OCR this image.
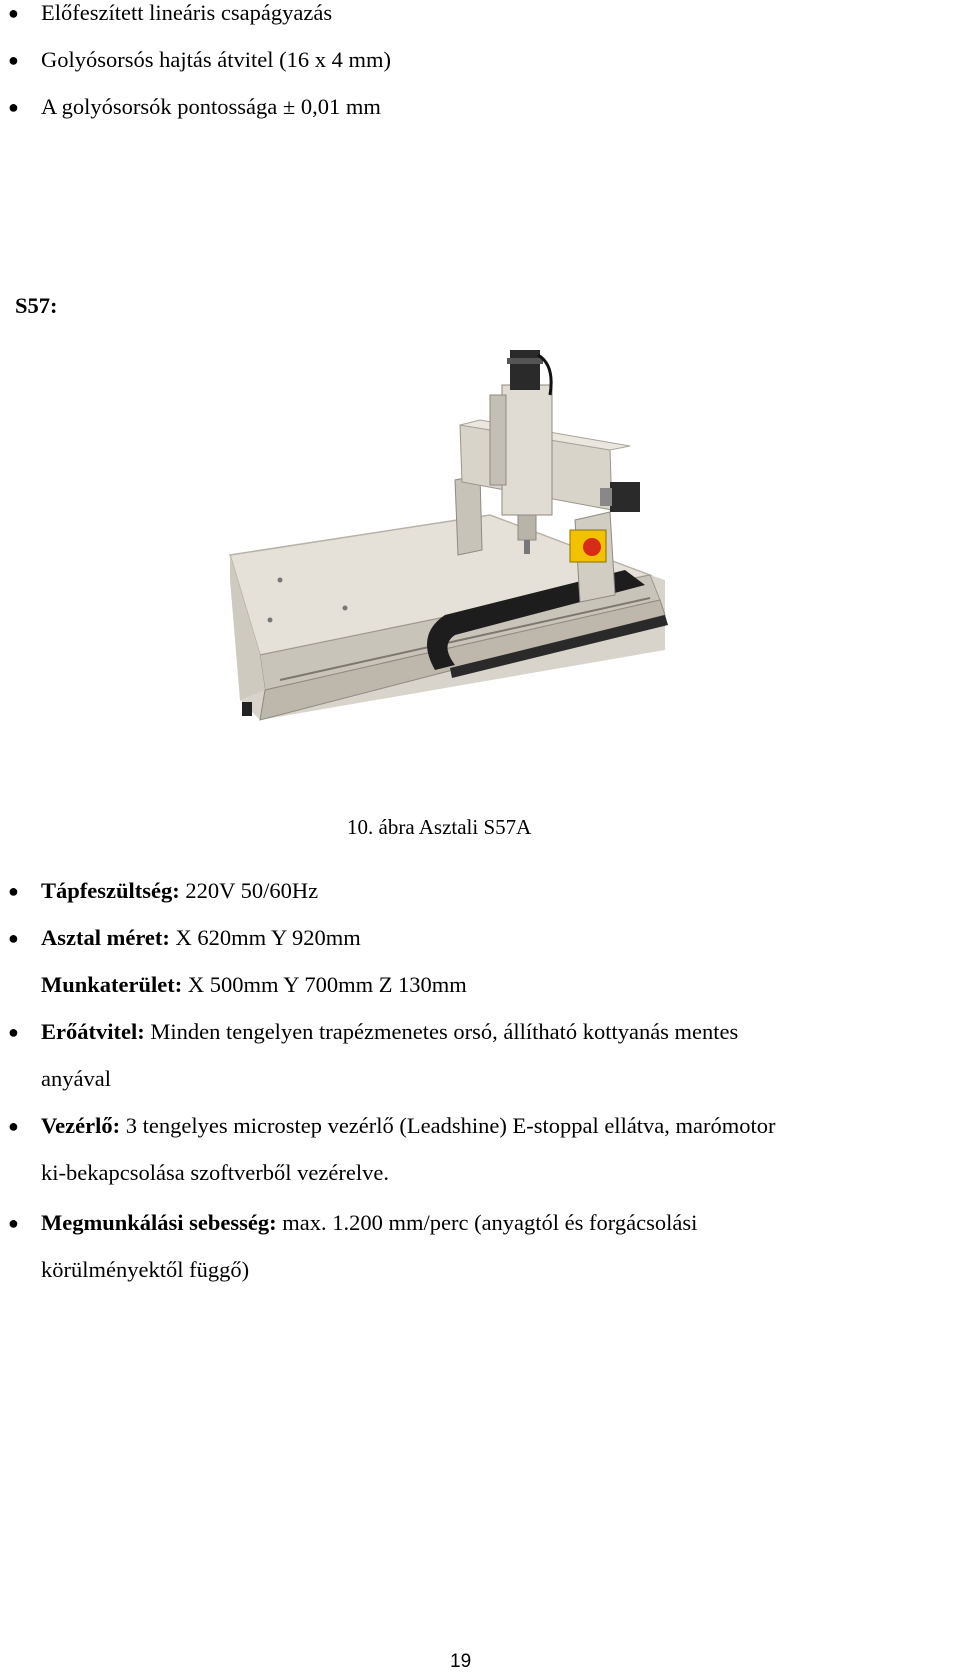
● Előfeszített lineáris csapágyazás
● Golyósorsós hajtás átvitel (16 x 4 mm)
● A golyósorsók pontossága ± 0,01 mm
S57:
10. ábra Asztali S57A
● Tápfeszültség: 220V 50/60Hz
● Asztal méret: X 620mm Y 920mm
Munkaterület: X 500mm Y 700mm Z 130mm
● Erőátvitel: Minden tengelyen trapézmenetes orsó, állítható kottyanás mentes
anyával
● Vezérlő: 3 tengelyes microstep vezérlő (Leadshine) E-stoppal ellátva, marómotor
ki-bekapcsolása szoftverből vezérelve.
● Megmunkálási sebesség: max. 1.200 mm/perc (anyagtól és forgácsolási
körülményektől függő)
19
